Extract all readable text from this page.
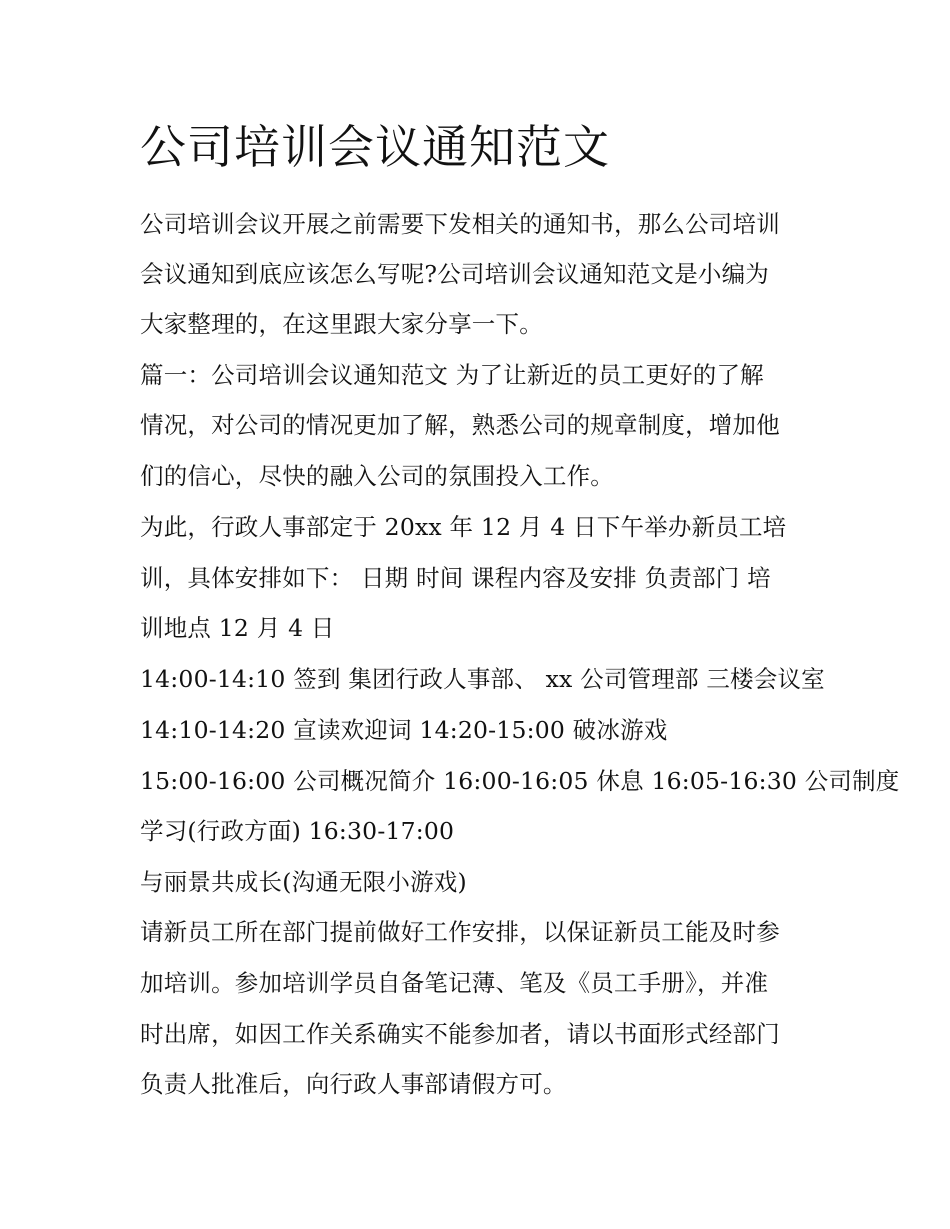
公司培训会议通知范文
公司培训会议开展之前需要下发相关的通知书，那么公司培训
会议通知到底应该怎么写呢?公司培训会议通知范文是小编为
大家整理的，在这里跟大家分享一下。
篇一：公司培训会议通知范文 为了让新近的员工更好的了解
情况，对公司的情况更加了解，熟悉公司的规章制度，增加他
们的信心，尽快的融入公司的氛围投入工作。
为此，行政人事部定于 20xx 年 12 月 4 日下午举办新员工培
训，具体安排如下： 日期 时间 课程内容及安排 负责部门 培
训地点 12 月 4 日
14:00-14:10 签到 集团行政人事部、 xx 公司管理部 三楼会议室
14:10-14:20 宣读欢迎词 14:20-15:00 破冰游戏
15:00-16:00 公司概况简介 16:00-16:05 休息 16:05-16:30 公司制度
学习(行政方面) 16:30-17:00
与丽景共成长(沟通无限小游戏)
请新员工所在部门提前做好工作安排，以保证新员工能及时参
加培训。参加培训学员自备笔记薄、笔及《员工手册》，并准
时出席，如因工作关系确实不能参加者，请以书面形式经部门
负责人批准后，向行政人事部请假方可。
